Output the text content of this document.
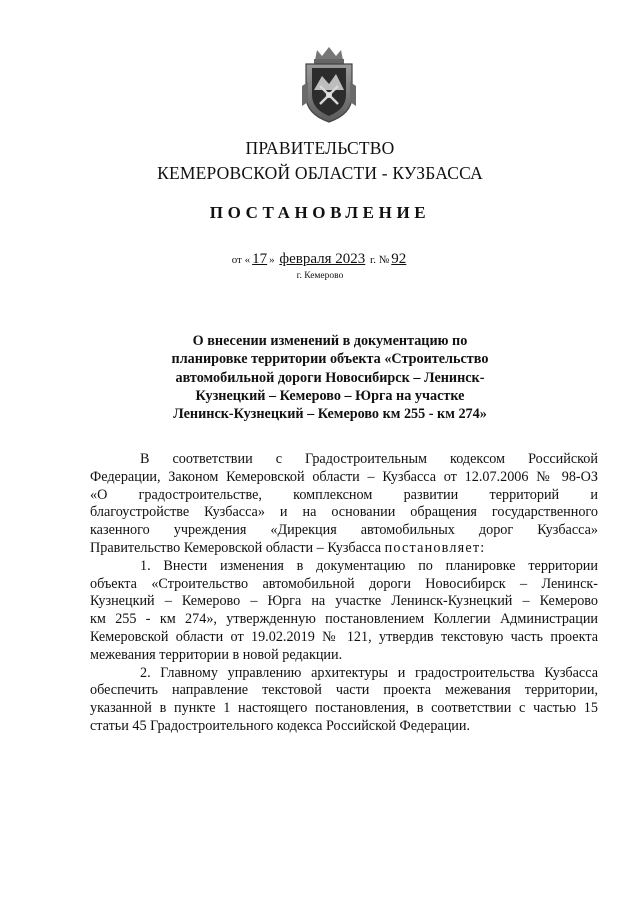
ПРАВИТЕЛЬСТВО
КЕМЕРОВСКОЙ ОБЛАСТИ - КУЗБАССА
ПОСТАНОВЛЕНИЕ
от « 17 » февраля 2023 г. № 92
г. Кемерово
О внесении изменений в документацию по
планировке территории объекта «Строительство
автомобильной дороги Новосибирск – Ленинск-
Кузнецкий – Кемерово – Юрга на участке
Ленинск-Кузнецкий – Кемерово км 255 - км 274»
В соответствии с Градостроительным кодексом Российской
Федерации, Законом Кемеровской области – Кузбасса от 12.07.2006 № 98-ОЗ
«О градостроительстве, комплексном развитии территорий и
благоустройстве Кузбасса» и на основании обращения государственного
казенного учреждения «Дирекция автомобильных дорог Кузбасса»
Правительство Кемеровской области – Кузбасса постановляет:
1. Внести изменения в документацию по планировке территории
объекта «Строительство автомобильной дороги Новосибирск – Ленинск-
Кузнецкий – Кемерово – Юрга на участке Ленинск-Кузнецкий – Кемерово
км 255 - км 274», утвержденную постановлением Коллегии Администрации
Кемеровской области от 19.02.2019 № 121, утвердив текстовую часть проекта
межевания территории в новой редакции.
2. Главному управлению архитектуры и градостроительства Кузбасса
обеспечить направление текстовой части проекта межевания территории,
указанной в пункте 1 настоящего постановления, в соответствии с частью 15
статьи 45 Градостроительного кодекса Российской Федерации.
